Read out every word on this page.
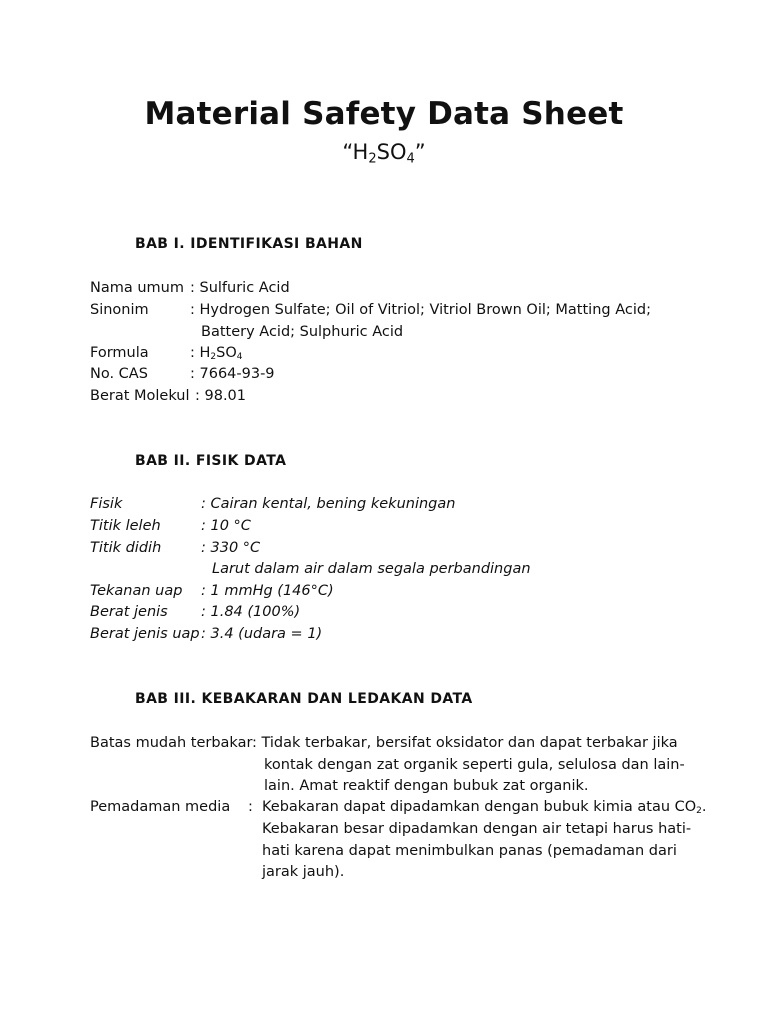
Material Safety Data Sheet
“$H_2SO_4$”
BAB I. IDENTIFIKASI BAHAN
Nama umum : Sulfuric Acid
Sinonim	: Hydrogen Sulfate; Oil of Vitriol; Vitriol Brown Oil; Matting Acid;
Battery Acid; Sulphuric Acid
Formula	: $H_2SO_4$
No. CAS	: 7664-93-9
Berat Molekul : 98.01
BAB II. FISIK DATA
Fisik	: Cairan kental, bening kekuningan
Titik leleh	: 10 °C
Titik didih	: 330 °C
Larut dalam air dalam segala perbandingan
Tekanan uap : 1 mmHg (146°C)
Berat jenis : 1.84 (100%)
Berat jenis uap : 3.4 (udara = 1)
BAB III. KEBAKARAN DAN LEDAKAN DATA
Batas mudah terbakar : Tidak terbakar, bersifat oksidator dan dapat terbakar jika
kontak dengan zat organik seperti gula, selulosa dan lain-
lain. Amat reaktif dengan bubuk zat organik.
Pemadaman media : Kebakaran dapat dipadamkan dengan bubuk kimia atau $CO_2$.
Kebakaran besar dipadamkan dengan air tetapi harus hati-
hati karena dapat menimbulkan panas (pemadaman dari
jarak jauh).
